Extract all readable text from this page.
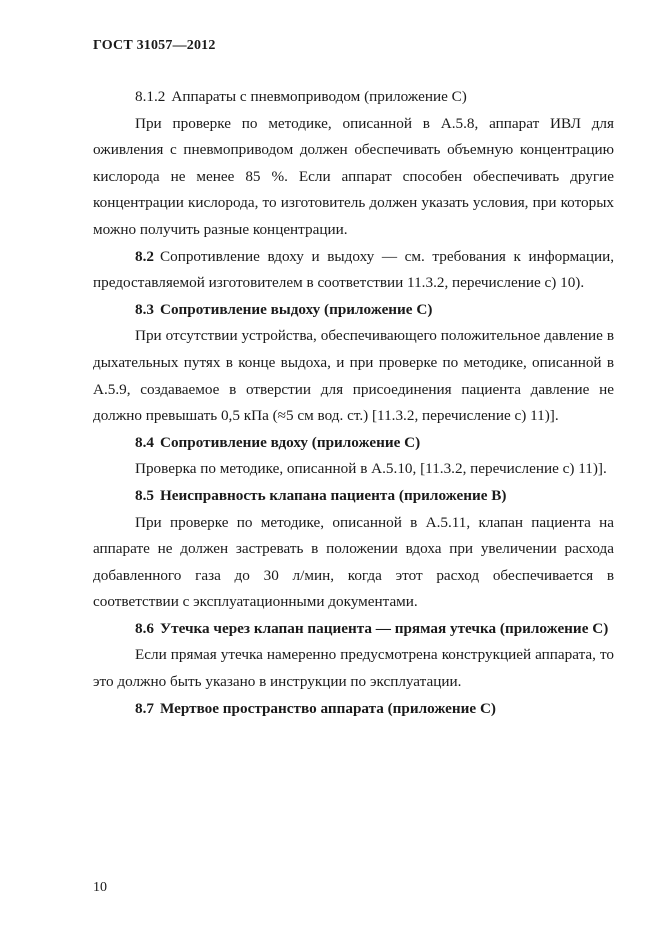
ГОСТ 31057—2012

8.1.2 Аппараты с пневмоприводом (приложение C)

При проверке по методике, описанной в А.5.8, аппарат ИВЛ для оживления с пневмоприводом должен обеспечивать объемную концентрацию кислорода не менее 85 %. Если аппарат способен обеспечивать другие концентрации кислорода, то изготовитель должен указать условия, при которых можно получить разные концентрации.

8.2 Сопротивление вдоху и выдоху — см. требования к информации, предоставляемой изготовителем в соответствии 11.3.2, перечисление c) 10).

8.3 Сопротивление выдоху (приложение C)

При отсутствии устройства, обеспечивающего положительное давление в дыхательных путях в конце выдоха, и при проверке по методике, описанной в А.5.9, создаваемое в отверстии для присоединения пациента давление не должно превышать 0,5 кПа (≈5 см вод. ст.) [11.3.2, перечисление c) 11)].

8.4 Сопротивление вдоху (приложение C)

Проверка по методике, описанной в А.5.10, [11.3.2, перечисление c) 11)].

8.5 Неисправность клапана пациента (приложение B)

При проверке по методике, описанной в А.5.11, клапан пациента на аппарате не должен застревать в положении вдоха при увеличении расхода добавленного газа до 30 л/мин, когда этот расход обеспечивается в соответствии с эксплуатационными документами.

8.6 Утечка через клапан пациента — прямая утечка (приложение C)

Если прямая утечка намеренно предусмотрена конструкцией аппарата, то это должно быть указано в инструкции по эксплуатации.

8.7 Мертвое пространство аппарата (приложение C)

10
